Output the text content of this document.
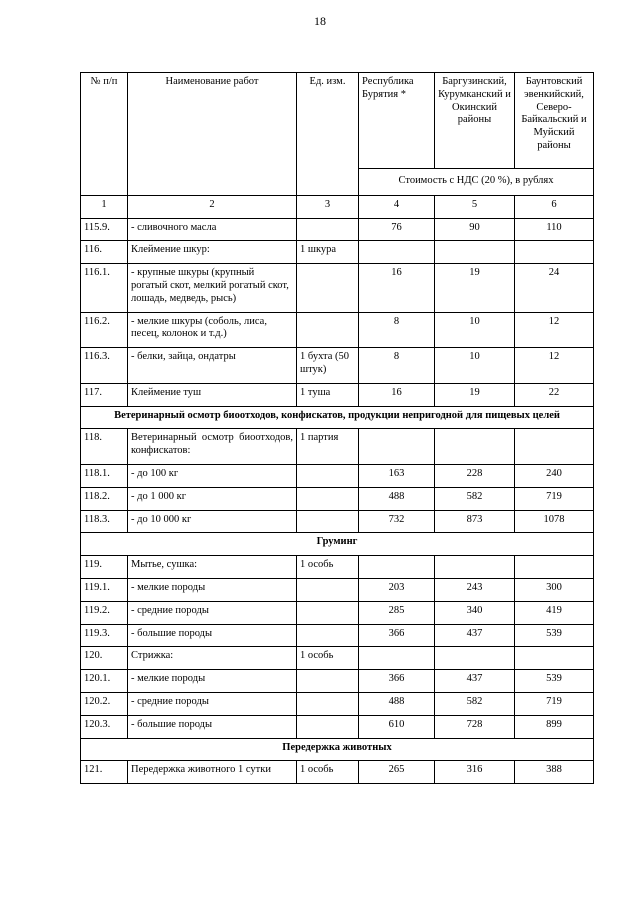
18
№ п/п	Наименование работ	Ед. изм.	Республика Бурятия *	Баргузинский, Курумканский и Окинский районы	Баунтовский эвенкийский, Северо-Байкальский и Муйский районы
			Стоимость с НДС (20 %), в рублях		
1	2	3	4	5	6
115.9.	- сливочного масла		76	90	110
116.	Клеймение шкур:	1 шкура			
116.1.	- крупные шкуры (крупный рогатый скот, мелкий рогатый скот, лошадь, медведь, рысь)		16	19	24
116.2.	- мелкие шкуры (соболь, лиса, песец, колонок и т.д.)		8	10	12
116.3.	- белки, зайца, ондатры	1 бухта (50 штук)	8	10	12
117.	Клеймение туш	1 туша	16	19	22
Ветеринарный осмотр биоотходов, конфискатов, продукции непригодной для пищевых целей					
118.	Ветеринарный осмотр биоотходов, конфискатов:	1 партия			
118.1.	- до 100 кг		163	228	240
118.2.	- до 1 000 кг		488	582	719
118.3.	- до 10 000 кг		732	873	1078
Груминг					
119.	Мытье, сушка:	1 особь			
119.1.	- мелкие породы		203	243	300
119.2.	- средние породы		285	340	419
119.3.	- большие породы		366	437	539
120.	Стрижка:	1 особь			
120.1.	- мелкие породы		366	437	539
120.2.	- средние породы		488	582	719
120.3.	- большие породы		610	728	899
Передержка животных					
121.	Передержка животного 1 сутки	1 особь	265	316	388
